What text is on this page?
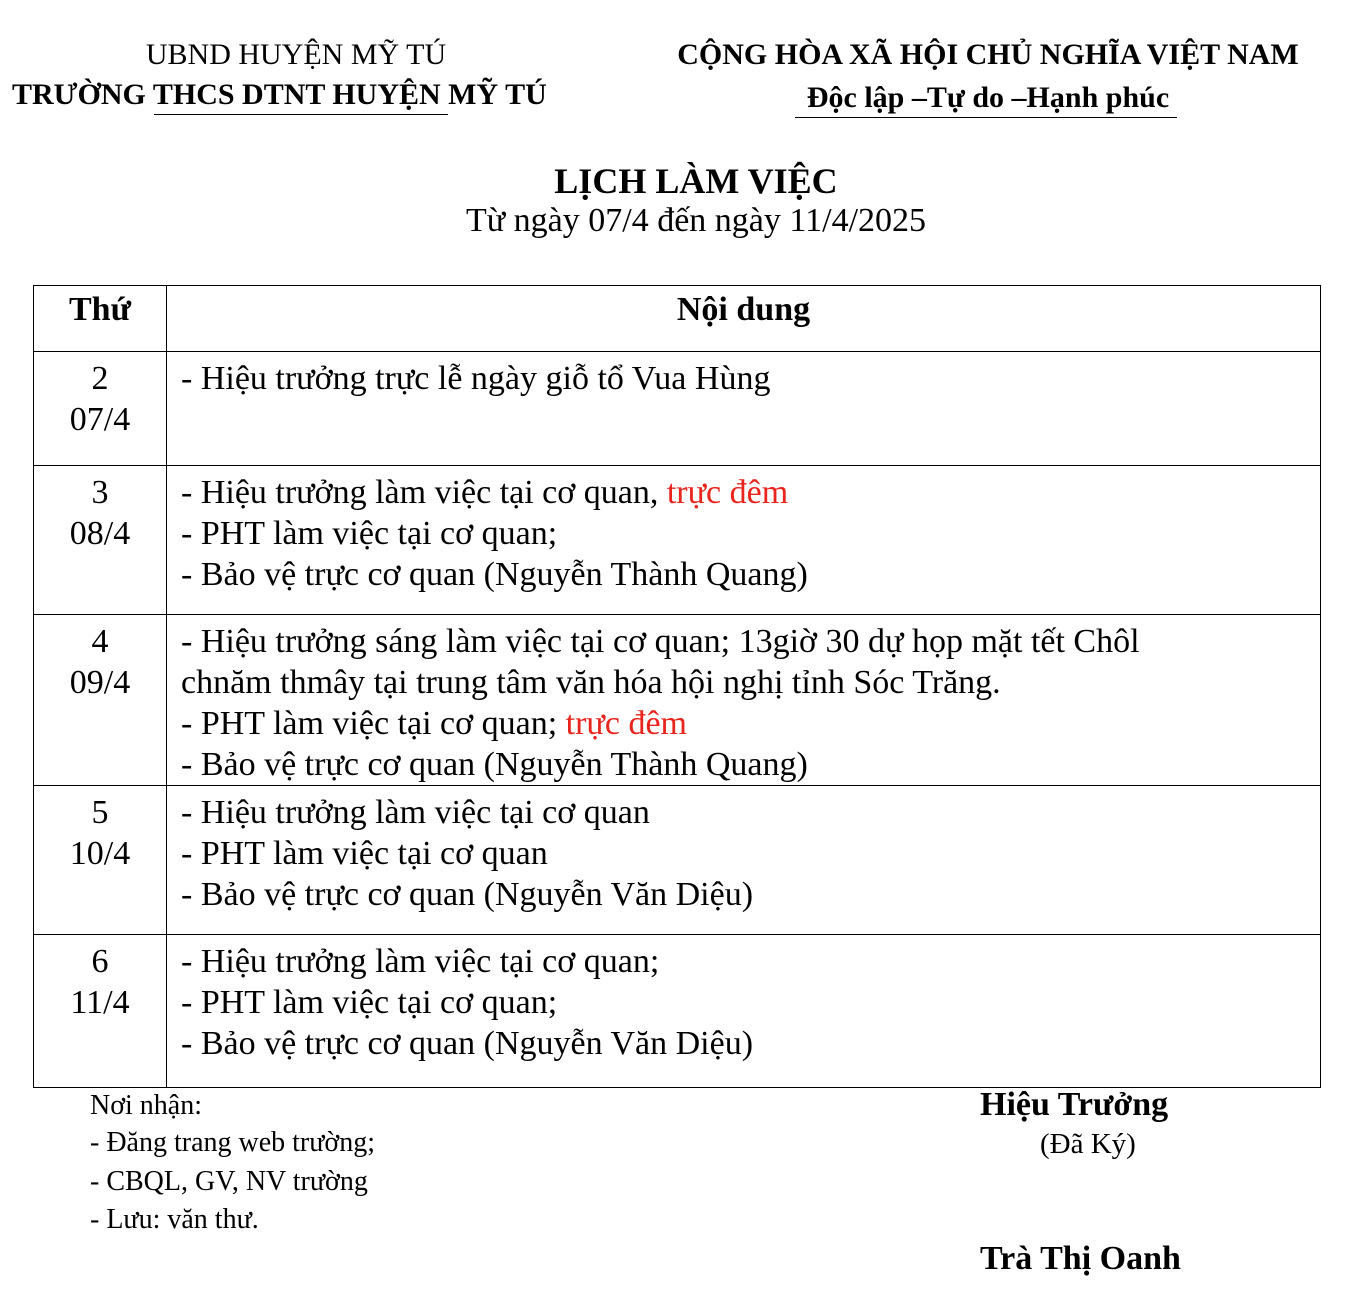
UBND HUYỆN MỸ TÚ
TRƯỜNG THCS DTNT HUYỆN MỸ TÚ
CỘNG HÒA XÃ HỘI CHỦ NGHĨA VIỆT NAM
Độc lập –Tự do –Hạnh phúc
LỊCH LÀM VIỆC
Từ ngày 07/4 đến ngày 11/4/2025
Thứ	Nội dung

2
07/4	- Hiệu trưởng trực lễ ngày giỗ tổ Vua Hùng

3
08/4	- Hiệu trưởng làm việc tại cơ quan, trực đêm
- PHT làm việc tại cơ quan;
- Bảo vệ trực cơ quan (Nguyễn Thành Quang)

4
09/4	- Hiệu trưởng sáng làm việc tại cơ quan; 13giờ 30 dự họp mặt tết Chôl
chnăm thmây tại trung tâm văn hóa hội nghị tỉnh Sóc Trăng.
- PHT làm việc tại cơ quan; trực đêm
- Bảo vệ trực cơ quan (Nguyễn Thành Quang)

5
10/4	- Hiệu trưởng làm việc tại cơ quan
- PHT làm việc tại cơ quan
- Bảo vệ trực cơ quan (Nguyễn Văn Diệu)

6
11/4	- Hiệu trưởng làm việc tại cơ quan;
- PHT làm việc tại cơ quan;
- Bảo vệ trực cơ quan (Nguyễn Văn Diệu)
Nơi nhận:
- Đăng trang web trường;
- CBQL, GV, NV trường
- Lưu: văn thư.
Hiệu Trưởng
(Đã Ký)
Trà Thị Oanh
